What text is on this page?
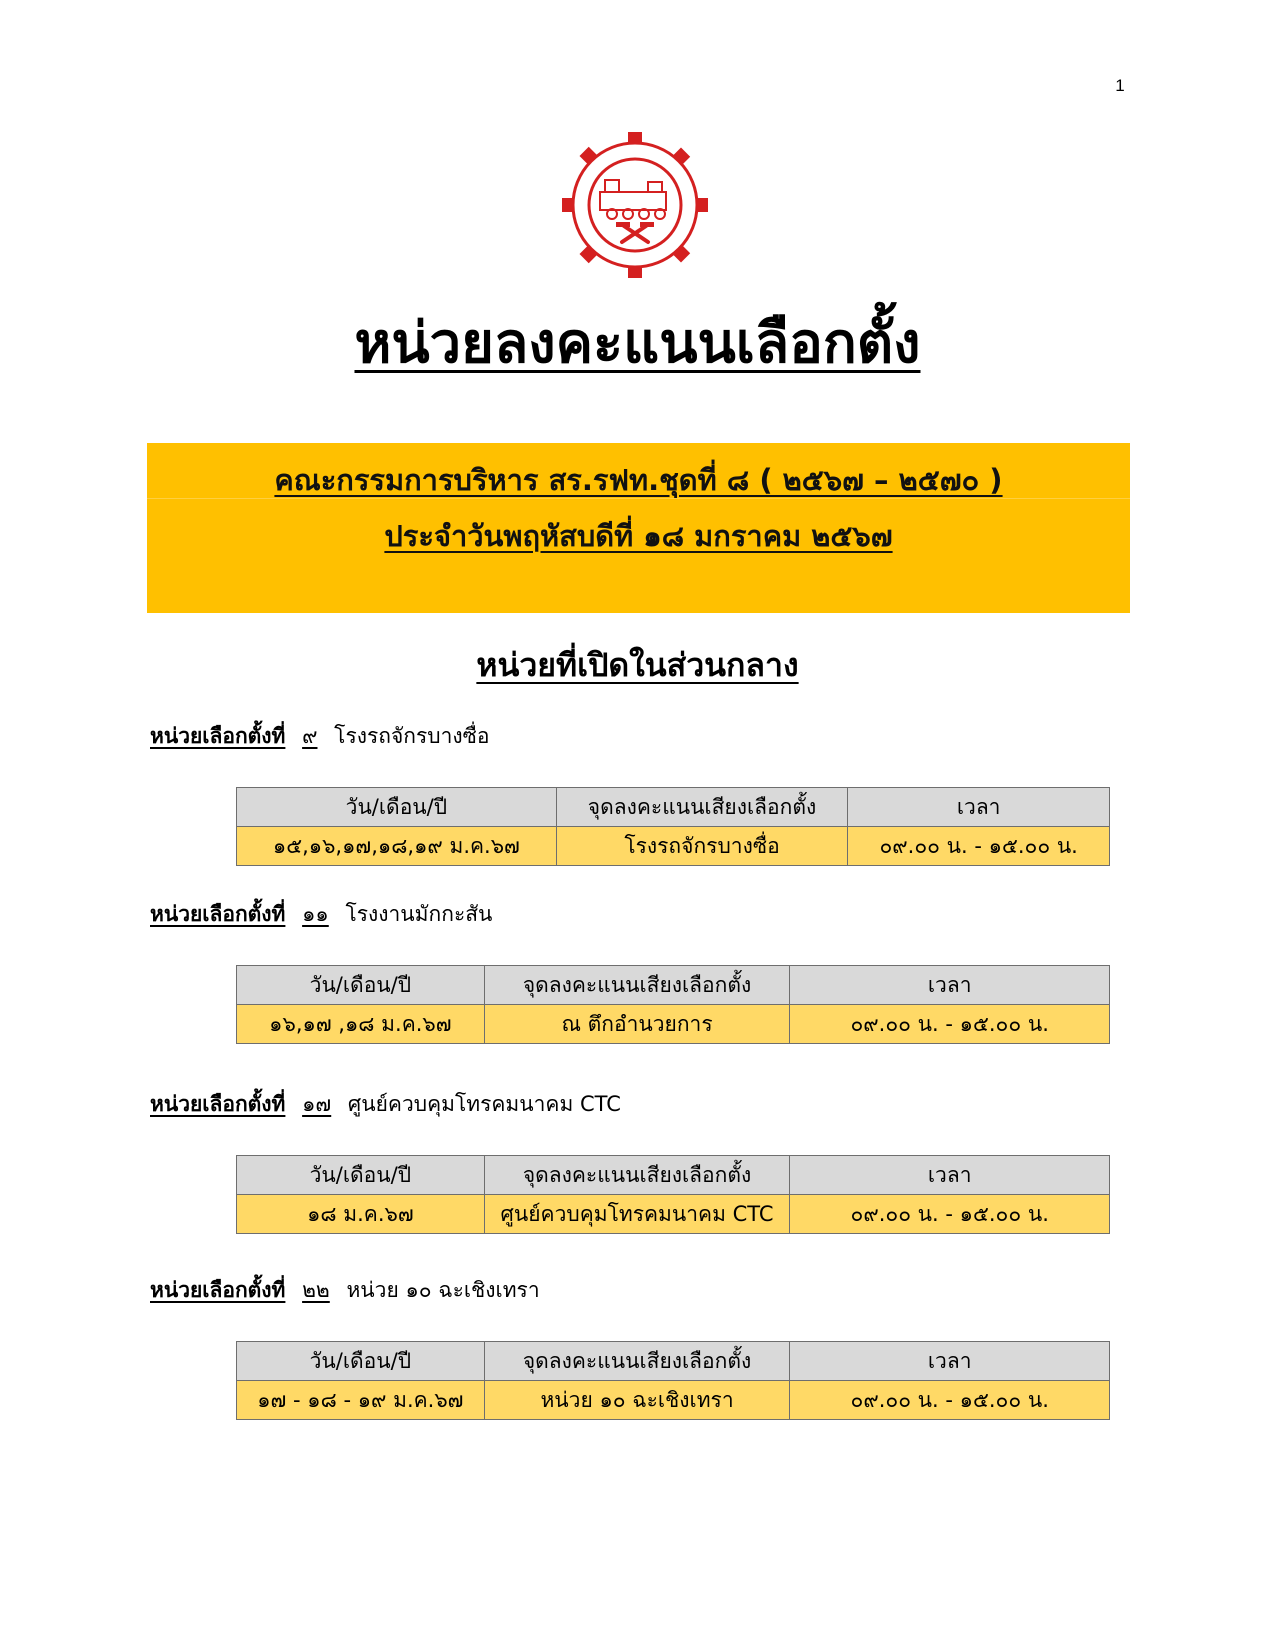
1
หน่วยลงคะแนนเลือกตั้ง
คณะกรรมการบริหาร สร.รฟท.ชุดที่ ๘ ( ๒๕๖๗ – ๒๕๗๐ )
ประจำวันพฤหัสบดีที่ ๑๘ มกราคม ๒๕๖๗
หน่วยที่เปิดในส่วนกลาง
หน่วยเลือกตั้งที่ ๙ โรงรถจักรบางซื่อ
วัน/เดือน/ปี	จุดลงคะแนนเสียงเลือกตั้ง	เวลา
๑๕,๑๖,๑๗,๑๘,๑๙ ม.ค.๖๗	โรงรถจักรบางซื่อ	๐๙.๐๐ น. - ๑๕.๐๐ น.
หน่วยเลือกตั้งที่ ๑๑ โรงงานมักกะสัน
วัน/เดือน/ปี	จุดลงคะแนนเสียงเลือกตั้ง	เวลา
๑๖,๑๗ ,๑๘ ม.ค.๖๗	ณ ตึกอำนวยการ	๐๙.๐๐ น. - ๑๕.๐๐ น.
หน่วยเลือกตั้งที่ ๑๗ ศูนย์ควบคุมโทรคมนาคม CTC
วัน/เดือน/ปี	จุดลงคะแนนเสียงเลือกตั้ง	เวลา
๑๘ ม.ค.๖๗	ศูนย์ควบคุมโทรคมนาคม CTC	๐๙.๐๐ น. - ๑๕.๐๐ น.
หน่วยเลือกตั้งที่ ๒๒ หน่วย ๑๐ ฉะเชิงเทรา
วัน/เดือน/ปี	จุดลงคะแนนเสียงเลือกตั้ง	เวลา
๑๗ - ๑๘ - ๑๙ ม.ค.๖๗	หน่วย ๑๐ ฉะเชิงเทรา	๐๙.๐๐ น. - ๑๕.๐๐ น.
